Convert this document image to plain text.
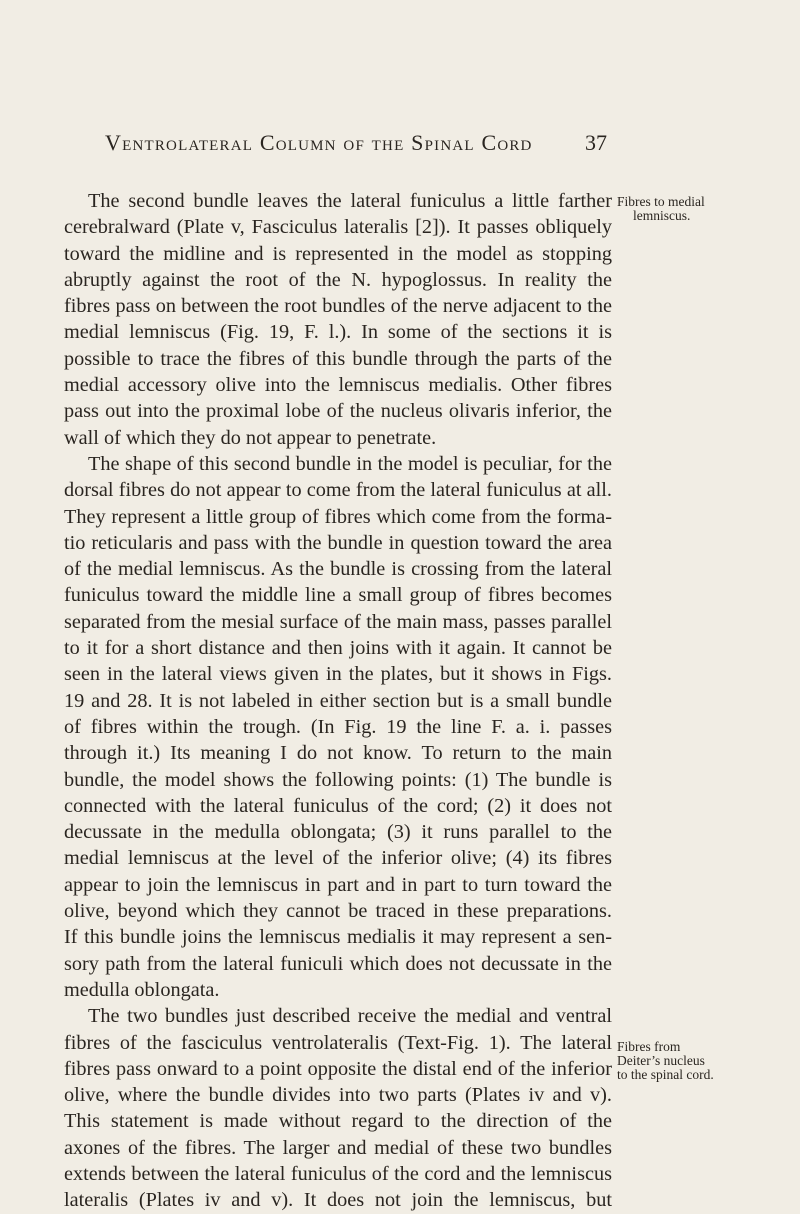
Ventrolateral Column of the Spinal Cord 37
The second bundle leaves the lateral funiculus a little farther
cerebralward (Plate v, Fasciculus lateralis [2]). It passes obliquely
toward the midline and is represented in the model as stopping
abruptly against the root of the N. hypoglossus. In reality the
fibres pass on between the root bundles of the nerve adjacent to the
medial lemniscus (Fig. 19, F. l.). In some of the sections it is
possible to trace the fibres of this bundle through the parts of the
medial accessory olive into the lemniscus medialis. Other fibres
pass out into the proximal lobe of the nucleus olivaris inferior, the
wall of which they do not appear to penetrate.
The shape of this second bundle in the model is peculiar, for the
dorsal fibres do not appear to come from the lateral funiculus at all.
They represent a little group of fibres which come from the forma-
tio reticularis and pass with the bundle in question toward the area
of the medial lemniscus. As the bundle is crossing from the lateral
funiculus toward the middle line a small group of fibres becomes
separated from the mesial surface of the main mass, passes parallel
to it for a short distance and then joins with it again. It cannot be
seen in the lateral views given in the plates, but it shows in Figs.
19 and 28. It is not labeled in either section but is a small bundle
of fibres within the trough. (In Fig. 19 the line F. a. i. passes
through it.) Its meaning I do not know. To return to the main
bundle, the model shows the following points: (1) The bundle is
connected with the lateral funiculus of the cord; (2) it does not
decussate in the medulla oblongata; (3) it runs parallel to the
medial lemniscus at the level of the inferior olive; (4) its fibres
appear to join the lemniscus in part and in part to turn toward the
olive, beyond which they cannot be traced in these preparations.
If this bundle joins the lemniscus medialis it may represent a sen-
sory path from the lateral funiculi which does not decussate in the
medulla oblongata.
The two bundles just described receive the medial and ventral
fibres of the fasciculus ventrolateralis (Text-Fig. 1). The lateral
fibres pass onward to a point opposite the distal end of the inferior
olive, where the bundle divides into two parts (Plates iv and v).
This statement is made without regard to the direction of the
axones of the fibres. The larger and medial of these two bundles
extends between the lateral funiculus of the cord and the lemniscus
lateralis (Plates iv and v). It does not join the lemniscus, but
Fibres to medial
lemniscus.
Fibres from
Deiter’s nucleus
to the spinal cord.
